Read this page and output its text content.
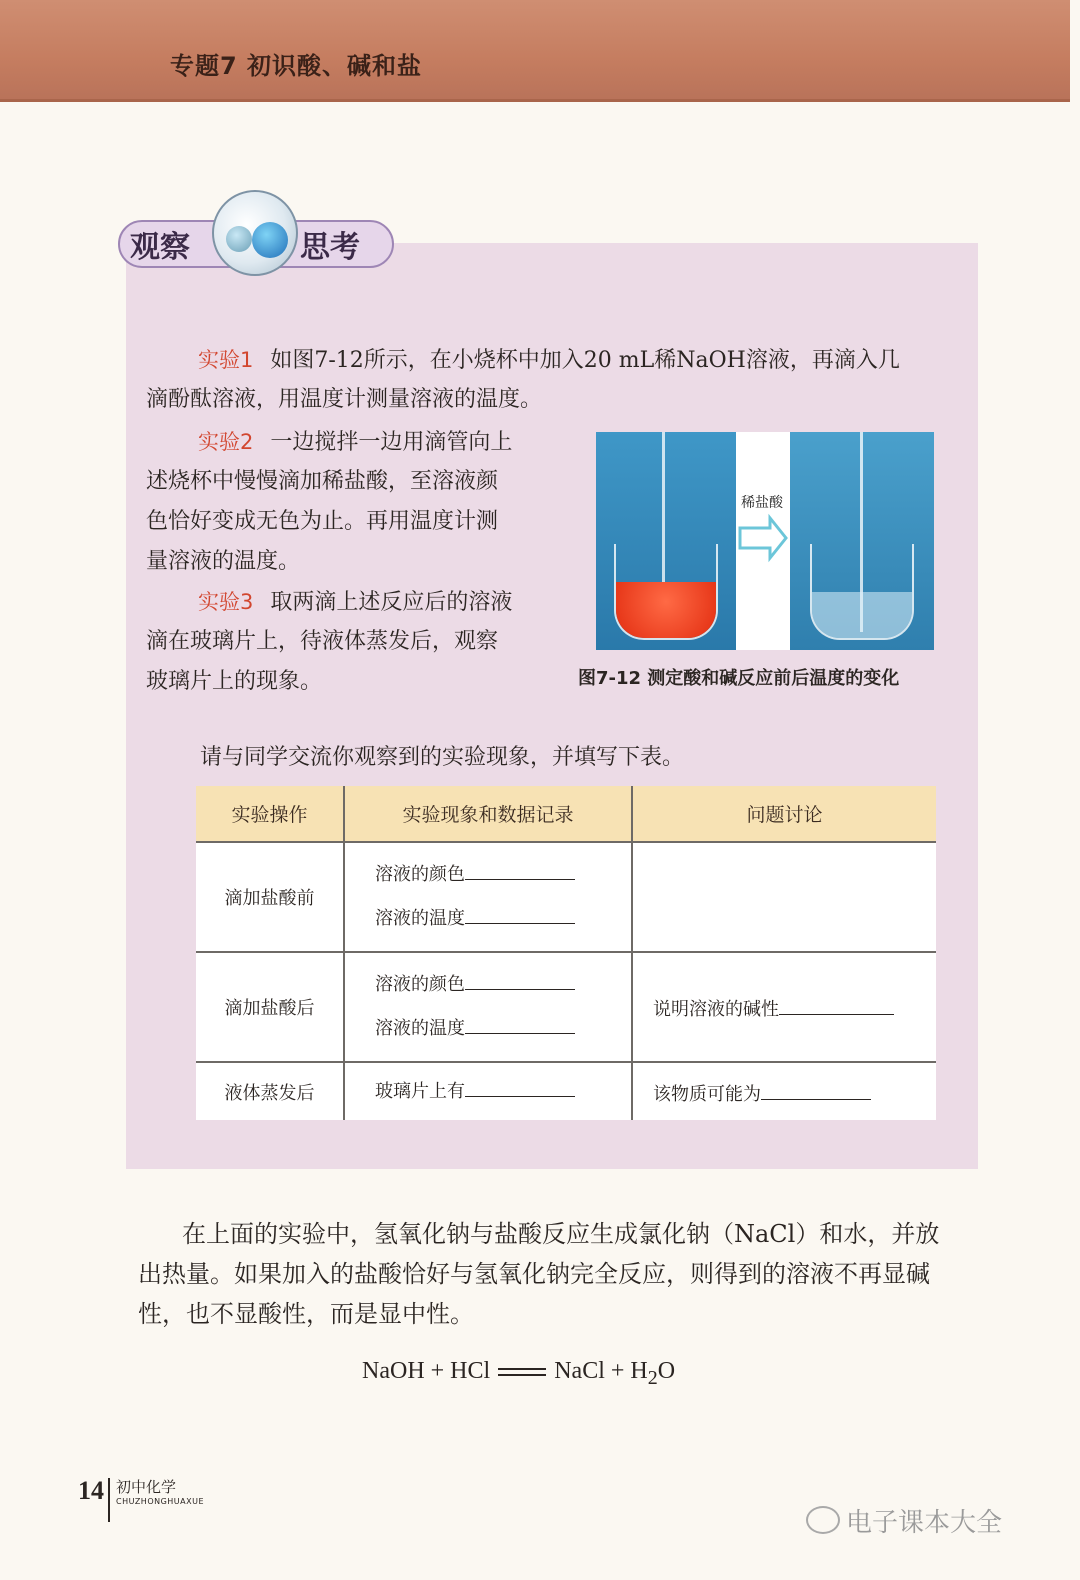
专题7 初识酸、碱和盐
观察	思考
实验1 如图7-12所示，在小烧杯中加入20 mL稀NaOH溶液，再滴入几
滴酚酞溶液，用温度计测量溶液的温度。
实验2 一边搅拌一边用滴管向上
述烧杯中慢慢滴加稀盐酸，至溶液颜
色恰好变成无色为止。再用温度计测
量溶液的温度。
实验3 取两滴上述反应后的溶液
滴在玻璃片上，待液体蒸发后，观察
玻璃片上的现象。
稀盐酸
图7-12 测定酸和碱反应前后温度的变化
请与同学交流你观察到的实验现象，并填写下表。
实验操作	实验现象和数据记录	问题讨论
滴加盐酸前	溶液的颜色
溶液的温度	

滴加盐酸后	溶液的颜色
溶液的温度	说明溶液的碱性
液体蒸发后	玻璃片上有	该物质可能为
在上面的实验中，氢氧化钠与盐酸反应生成氯化钠（NaCl）和水，并放
出热量。如果加入的盐酸恰好与氢氧化钠完全反应，则得到的溶液不再显碱
性，也不显酸性，而是显中性。
NaOH + HCl	NaCl + $H_2O$
14 初中化学
CHUZHONGHUAXUE
电子课本大全
